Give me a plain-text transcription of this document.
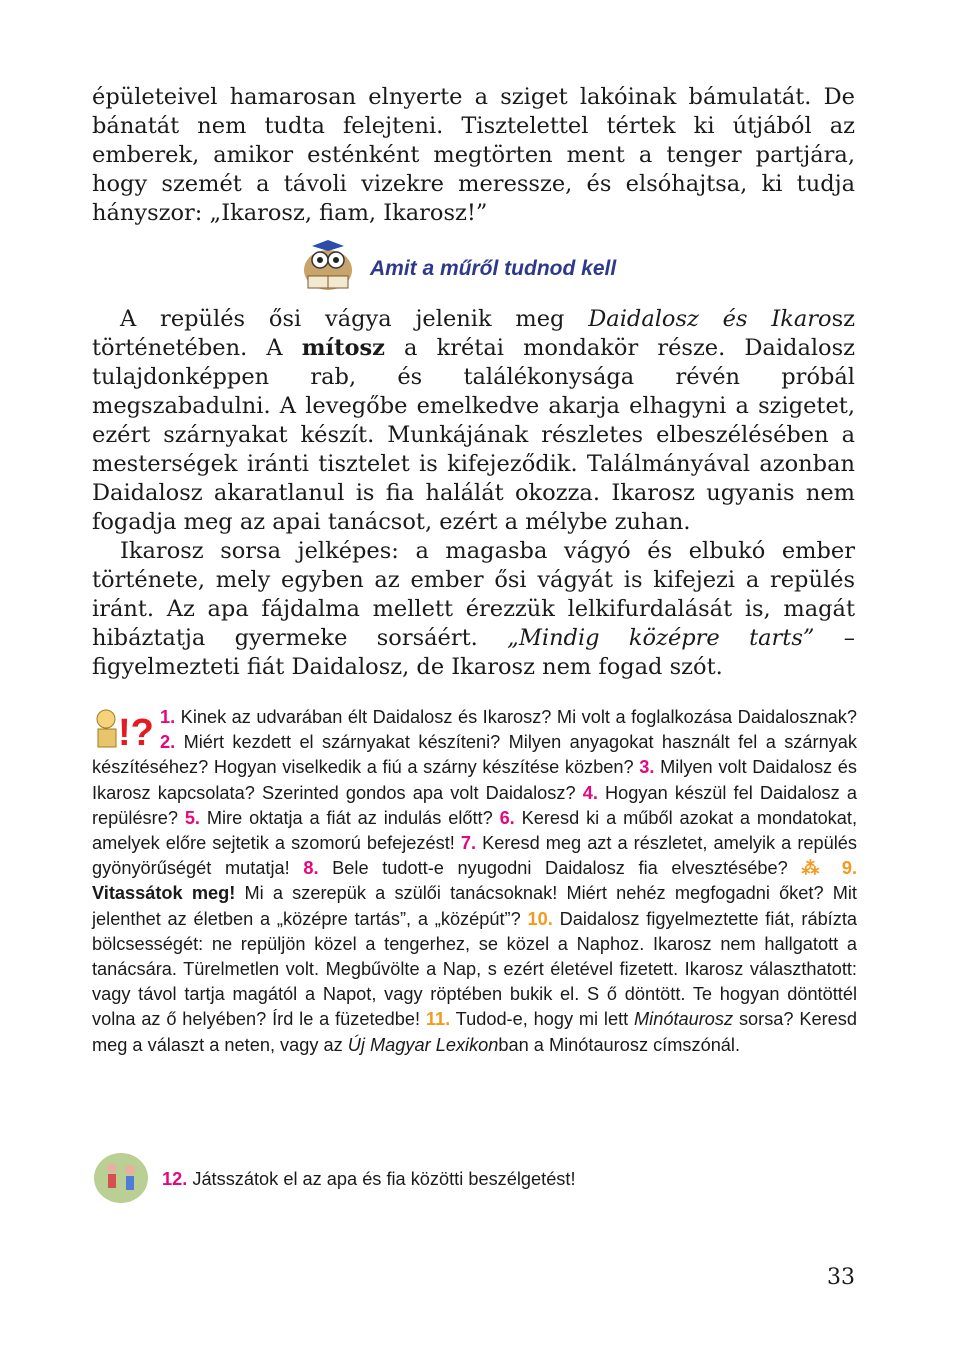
épületeivel hamarosan elnyerte a sziget lakóinak bámulatát. De bánatát nem tudta felejteni. Tisztelettel tértek ki útjából az emberek, amikor esténként megtörten ment a tenger partjára, hogy szemét a távoli vizekre meressze, és elsóhajtsa, ki tudja hányszor: „Ikarosz, fiam, Ikarosz!”

Amit a műről tudnod kell

A repülés ősi vágya jelenik meg Daidalosz és Ikarosz történetében. A mítosz a krétai mondakör része. Daidalosz tulajdonképpen rab, és találékonysága révén próbál megszabadulni. A levegőbe emelkedve akarja elhagyni a szigetet, ezért szárnyakat készít. Munkájának részletes elbeszélésében a mesterségek iránti tisztelet is kifejeződik. Találmányával azonban Daidalosz akaratlanul is fia halálát okozza. Ikarosz ugyanis nem fogadja meg az apai tanácsot, ezért a mélybe zuhan.

Ikarosz sorsa jelképes: a magasba vágyó és elbukó ember története, mely egyben az ember ősi vágyát is kifejezi a repülés iránt. Az apa fájdalma mellett érezzük lelkifurdalását is, magát hibáztatja gyermeke sorsáért. „Mindig középre tarts” – figyelmezteti fiát Daidalosz, de Ikarosz nem fogad szót.

!? 1. Kinek az udvarában élt Daidalosz és Ikarosz? Mi volt a foglalkozása Daidalosznak? 2. Miért kezdett el szárnyakat készíteni? Milyen anyagokat használt fel a szárnyak készítéséhez? Hogyan viselkedik a fiú a szárny készítése közben? 3. Milyen volt Daidalosz és Ikarosz kapcsolata? Szerinted gondos apa volt Daidalosz? 4. Hogyan készül fel Daidalosz a repülésre? 5. Mire oktatja a fiát az indulás előtt? 6. Keresd ki a műből azokat a mondatokat, amelyek előre sejtetik a szomorú befejezést! 7. Keresd meg azt a részletet, amelyik a repülés gyönyörűségét mutatja! 8. Bele tudott-e nyugodni Daidalosz fia elvesztésébe? ⁂ 9. Vitassátok meg! Mi a szerepük a szülői tanácsoknak! Miért nehéz megfogadni őket? Mit jelenthet az életben a „középre tartás”, a „középút”? 10. Daidalosz figyelmeztette fiát, rábízta bölcsességét: ne repüljön közel a tengerhez, se közel a Naphoz. Ikarosz nem hallgatott a tanácsára. Türelmetlen volt. Megbűvölte a Nap, s ezért életével fizetett. Ikarosz választhatott: vagy távol tartja magától a Napot, vagy röptében bukik el. S ő döntött. Te hogyan döntöttél volna az ő helyében? Írd le a füzetedbe! 11. Tudod-e, hogy mi lett Minótaurosz sorsa? Keresd meg a választ a neten, vagy az Új Magyar Lexikonban a Minótaurosz címszónál.

12. Játsszátok el az apa és fia közötti beszélgetést!
33
